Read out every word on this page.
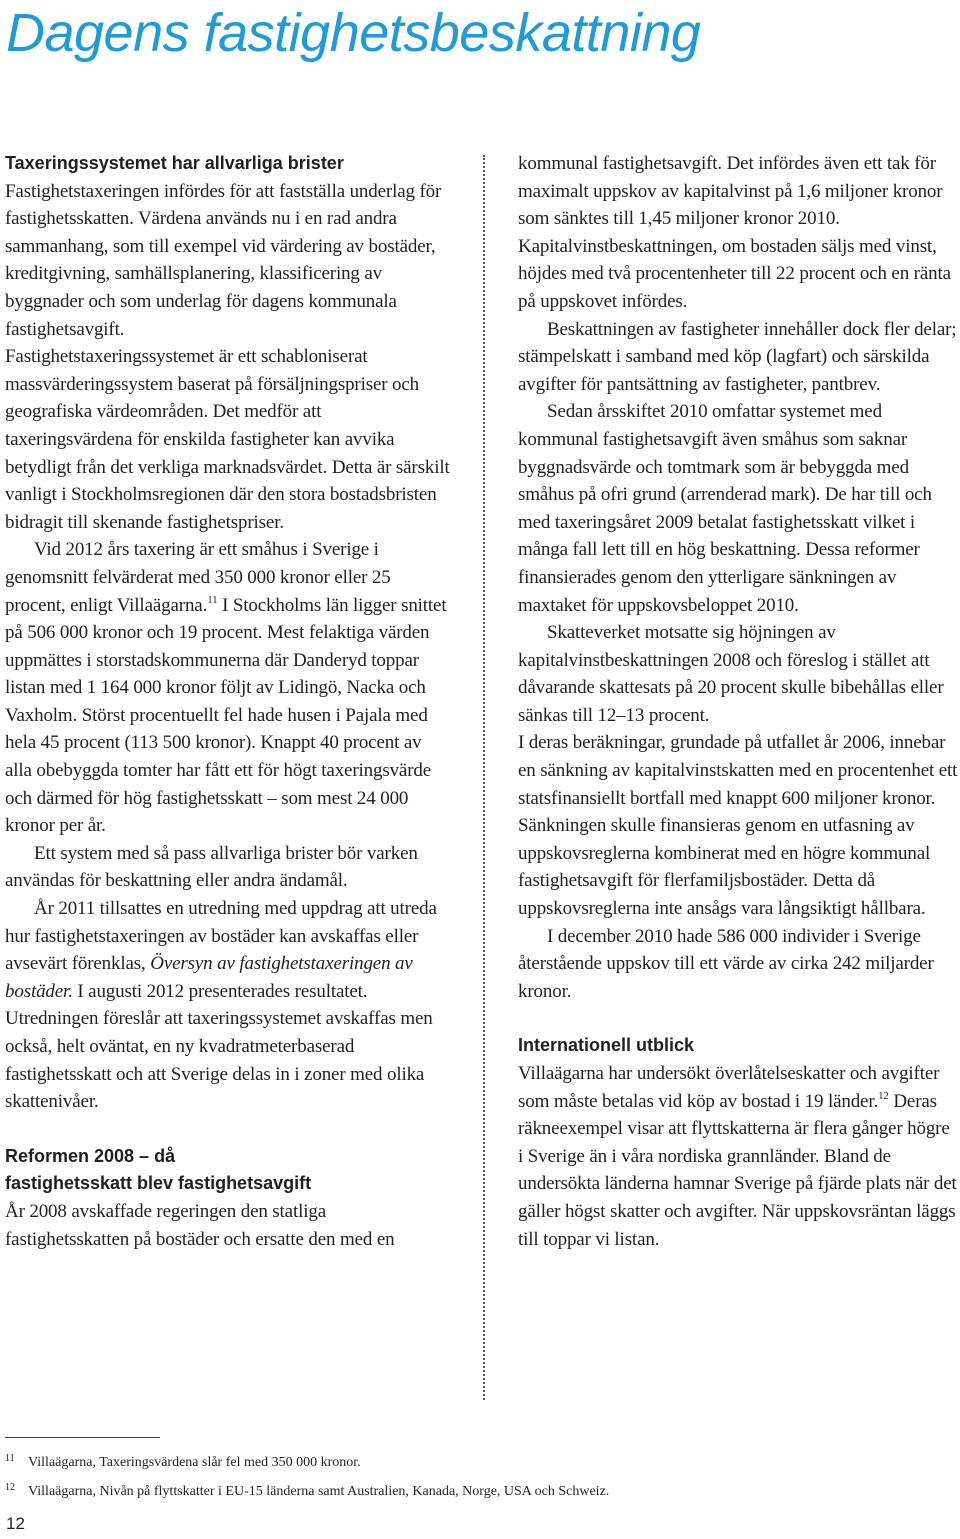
Dagens fastighetsbeskattning

Taxeringssystemet har allvarliga brister

Fastighetstaxeringen infördes för att fastställa underlag för fastighetsskatten. Värdena används nu i en rad andra sammanhang, som till exempel vid värdering av bostäder, kreditgivning, samhällsplanering, klassificering av byggnader och som underlag för dagens kommunala fastighetsavgift.

Fastighetstaxeringssystemet är ett schabloniserat massvärderingssystem baserat på försäljningspriser och geografiska värdeområden. Det medför att taxeringsvärdena för enskilda fastigheter kan avvika betydligt från det verkliga marknadsvärdet. Detta är särskilt vanligt i Stockholmsregionen där den stora bostadsbristen bidragit till skenande fastighetspriser.

Vid 2012 års taxering är ett småhus i Sverige i genomsnitt felvärderat med 350 000 kronor eller 25 procent, enligt Villaägarna.$^{11}$ I Stockholms län ligger snittet på 506 000 kronor och 19 procent. Mest felaktiga värden uppmättes i storstadskommunerna där Danderyd toppar listan med 1 164 000 kronor följt av Lidingö, Nacka och Vaxholm. Störst procentuellt fel hade husen i Pajala med hela 45 procent (113 500 kronor). Knappt 40 procent av alla obebyggda tomter har fått ett för högt taxeringsvärde och därmed för hög fastighetsskatt – som mest 24 000 kronor per år.

Ett system med så pass allvarliga brister bör varken användas för beskattning eller andra ändamål.

År 2011 tillsattes en utredning med uppdrag att utreda hur fastighetstaxeringen av bostäder kan avskaffas eller avsevärt förenklas, Översyn av fastighetstaxeringen av bostäder. I augusti 2012 presenterades resultatet. Utredningen föreslår att taxeringssystemet avskaffas men också, helt oväntat, en ny kvadratmeterbaserad fastighetsskatt och att Sverige delas in i zoner med olika skattenivåer.

Reformen 2008 – då
fastighetsskatt blev fastighetsavgift

År 2008 avskaffade regeringen den statliga fastighetsskatten på bostäder och ersatte den med en

kommunal fastighetsavgift. Det infördes även ett tak för maximalt uppskov av kapitalvinst på 1,6 miljoner kronor som sänktes till 1,45 miljoner kronor 2010. Kapitalvinstbeskattningen, om bostaden säljs med vinst, höjdes med två procentenheter till 22 procent och en ränta på uppskovet infördes.

Beskattningen av fastigheter innehåller dock fler delar; stämpelskatt i samband med köp (lagfart) och särskilda avgifter för pantsättning av fastigheter, pantbrev.

Sedan årsskiftet 2010 omfattar systemet med kommunal fastighetsavgift även småhus som saknar byggnadsvärde och tomtmark som är bebyggda med småhus på ofri grund (arrenderad mark). De har till och med taxeringsåret 2009 betalat fastighetsskatt vilket i många fall lett till en hög beskattning. Dessa reformer finansierades genom den ytterligare sänkningen av maxtaket för uppskovsbeloppet 2010.

Skatteverket motsatte sig höjningen av kapitalvinstbeskattningen 2008 och föreslog i stället att dåvarande skattesats på 20 procent skulle bibehållas eller sänkas till 12–13 procent.

I deras beräkningar, grundade på utfallet år 2006, innebar en sänkning av kapitalvinstskatten med en procentenhet ett statsfinansiellt bortfall med knappt 600 miljoner kronor. Sänkningen skulle finansieras genom en utfasning av uppskovsreglerna kombinerat med en högre kommunal fastighetsavgift för flerfamiljsbostäder. Detta då uppskovsreglerna inte ansågs vara långsiktigt hållbara.

I december 2010 hade 586 000 individer i Sverige återstående uppskov till ett värde av cirka 242 miljarder kronor.

Internationell utblick

Villaägarna har undersökt överlåtelseskatter och avgifter som måste betalas vid köp av bostad i 19 länder.$^{12}$ Deras räkneexempel visar att flyttskatterna är flera gånger högre i Sverige än i våra nordiska grannländer. Bland de undersökta länderna hamnar Sverige på fjärde plats när det gäller högst skatter och avgifter. När uppskovsräntan läggs till toppar vi listan.

11 Villaägarna, Taxeringsvärdena slår fel med 350 000 kronor.

12 Villaägarna, Nivån på flyttskatter i EU-15 länderna samt Australien, Kanada, Norge, USA och Schweiz.

12
